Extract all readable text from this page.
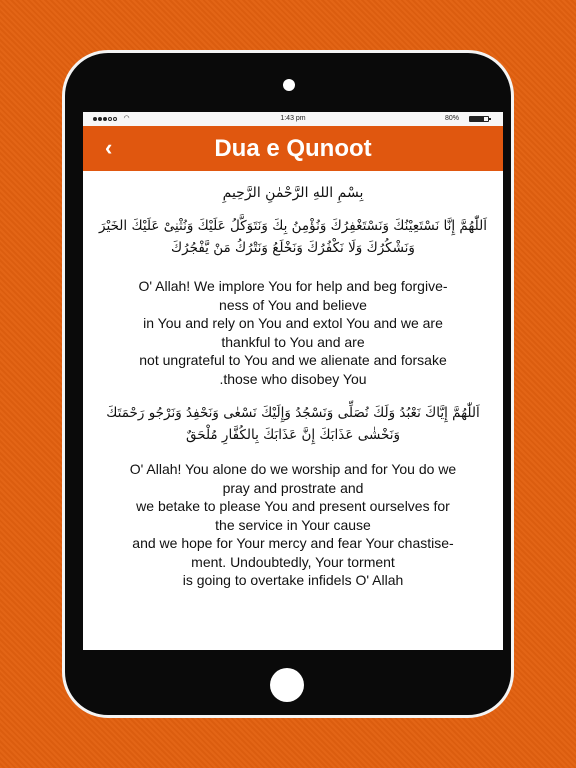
◠	1:43 pm	80%
‹	Dua e Qunoot
بِسْمِ اللهِ الرَّحْمٰنِ الرَّحِيمِ
اَللّٰهُمَّ إِنَّا نَسْتَعِيْنُكَ وَنَسْتَغْفِرُكَ وَنُؤْمِنُ بِكَ وَنَتَوَكَّلُ عَلَيْكَ وَنُثْنِىْ عَلَيْكَ الخَيْرَ وَنَشْكُرُكَ وَلَا نَكْفُرُكَ وَنَخْلَعُ وَنَتْرُكُ مَنْ يَّفْجُرُكَ
O' Allah! We implore You for help and beg forgive-
ness of You and believe
in You and rely on You and extol You and we are
thankful to You and are
not ungrateful to You and we alienate and forsake
.those who disobey You
اَللّٰهُمَّ إِيَّاكَ نَعْبُدُ وَلَكَ نُصَلِّى وَنَسْجُدُ وَإِلَيْكَ نَسْعٰى وَنَحْفِدُ وَنَرْجُو رَحْمَتَكَ وَنَخْشٰى عَذَابَكَ إِنَّ عَذَابَكَ بِالكُفَّارِ مُلْحَقٌ
O' Allah! You alone do we worship and for You do we
pray and prostrate and
we betake to please You and present ourselves for
the service in Your cause
and we hope for Your mercy and fear Your chastise-
ment. Undoubtedly, Your torment
is going to overtake infidels O' Allah
